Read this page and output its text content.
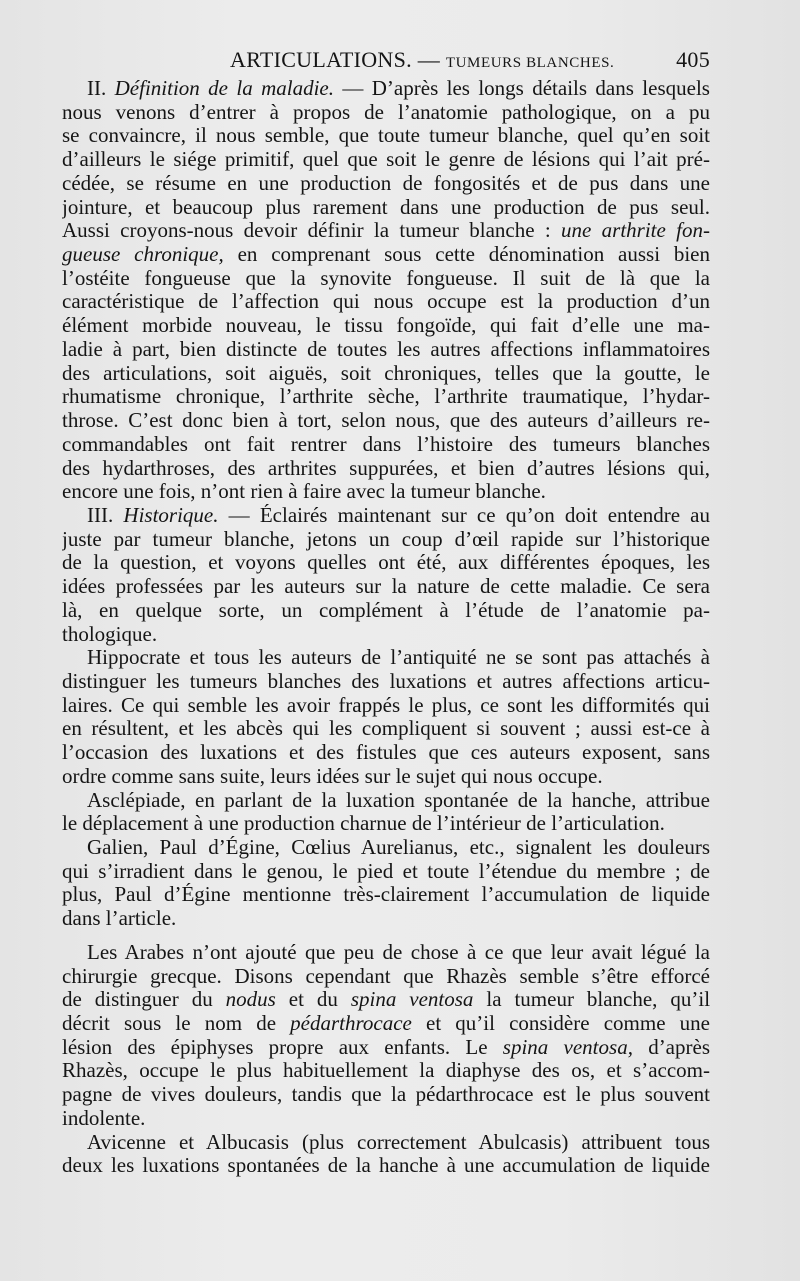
ARTICULATIONS. — TUMEURS BLANCHES.	405
II. Définition de la maladie. — D’après les longs détails dans lesquels
nous venons d’entrer à propos de l’anatomie pathologique, on a pu
se convaincre, il nous semble, que toute tumeur blanche, quel qu’en soit
d’ailleurs le siége primitif, quel que soit le genre de lésions qui l’ait pré-
cédée, se résume en une production de fongosités et de pus dans une
jointure, et beaucoup plus rarement dans une production de pus seul.
Aussi croyons-nous devoir définir la tumeur blanche : une arthrite fon-
gueuse chronique, en comprenant sous cette dénomination aussi bien
l’ostéite fongueuse que la synovite fongueuse. Il suit de là que la
caractéristique de l’affection qui nous occupe est la production d’un
élément morbide nouveau, le tissu fongoïde, qui fait d’elle une ma-
ladie à part, bien distincte de toutes les autres affections inflammatoires
des articulations, soit aiguës, soit chroniques, telles que la goutte, le
rhumatisme chronique, l’arthrite sèche, l’arthrite traumatique, l’hydar-
throse. C’est donc bien à tort, selon nous, que des auteurs d’ailleurs re-
commandables ont fait rentrer dans l’histoire des tumeurs blanches
des hydarthroses, des arthrites suppurées, et bien d’autres lésions qui,
encore une fois, n’ont rien à faire avec la tumeur blanche.
III. Historique. — Éclairés maintenant sur ce qu’on doit entendre au
juste par tumeur blanche, jetons un coup d’œil rapide sur l’historique
de la question, et voyons quelles ont été, aux différentes époques, les
idées professées par les auteurs sur la nature de cette maladie. Ce sera
là, en quelque sorte, un complément à l’étude de l’anatomie pa-
thologique.
Hippocrate et tous les auteurs de l’antiquité ne se sont pas attachés à
distinguer les tumeurs blanches des luxations et autres affections articu-
laires. Ce qui semble les avoir frappés le plus, ce sont les difformités qui
en résultent, et les abcès qui les compliquent si souvent ; aussi est-ce à
l’occasion des luxations et des fistules que ces auteurs exposent, sans
ordre comme sans suite, leurs idées sur le sujet qui nous occupe.
Asclépiade, en parlant de la luxation spontanée de la hanche, attribue
le déplacement à une production charnue de l’intérieur de l’articulation.
Galien, Paul d’Égine, Cœlius Aurelianus, etc., signalent les douleurs
qui s’irradient dans le genou, le pied et toute l’étendue du membre ; de
plus, Paul d’Égine mentionne très-clairement l’accumulation de liquide
dans l’article.
Les Arabes n’ont ajouté que peu de chose à ce que leur avait légué la
chirurgie grecque. Disons cependant que Rhazès semble s’être efforcé
de distinguer du nodus et du spina ventosa la tumeur blanche, qu’il
décrit sous le nom de pédarthrocace et qu’il considère comme une
lésion des épiphyses propre aux enfants. Le spina ventosa, d’après
Rhazès, occupe le plus habituellement la diaphyse des os, et s’accom-
pagne de vives douleurs, tandis que la pédarthrocace est le plus souvent
indolente.
Avicenne et Albucasis (plus correctement Abulcasis) attribuent tous
deux les luxations spontanées de la hanche à une accumulation de liquide
